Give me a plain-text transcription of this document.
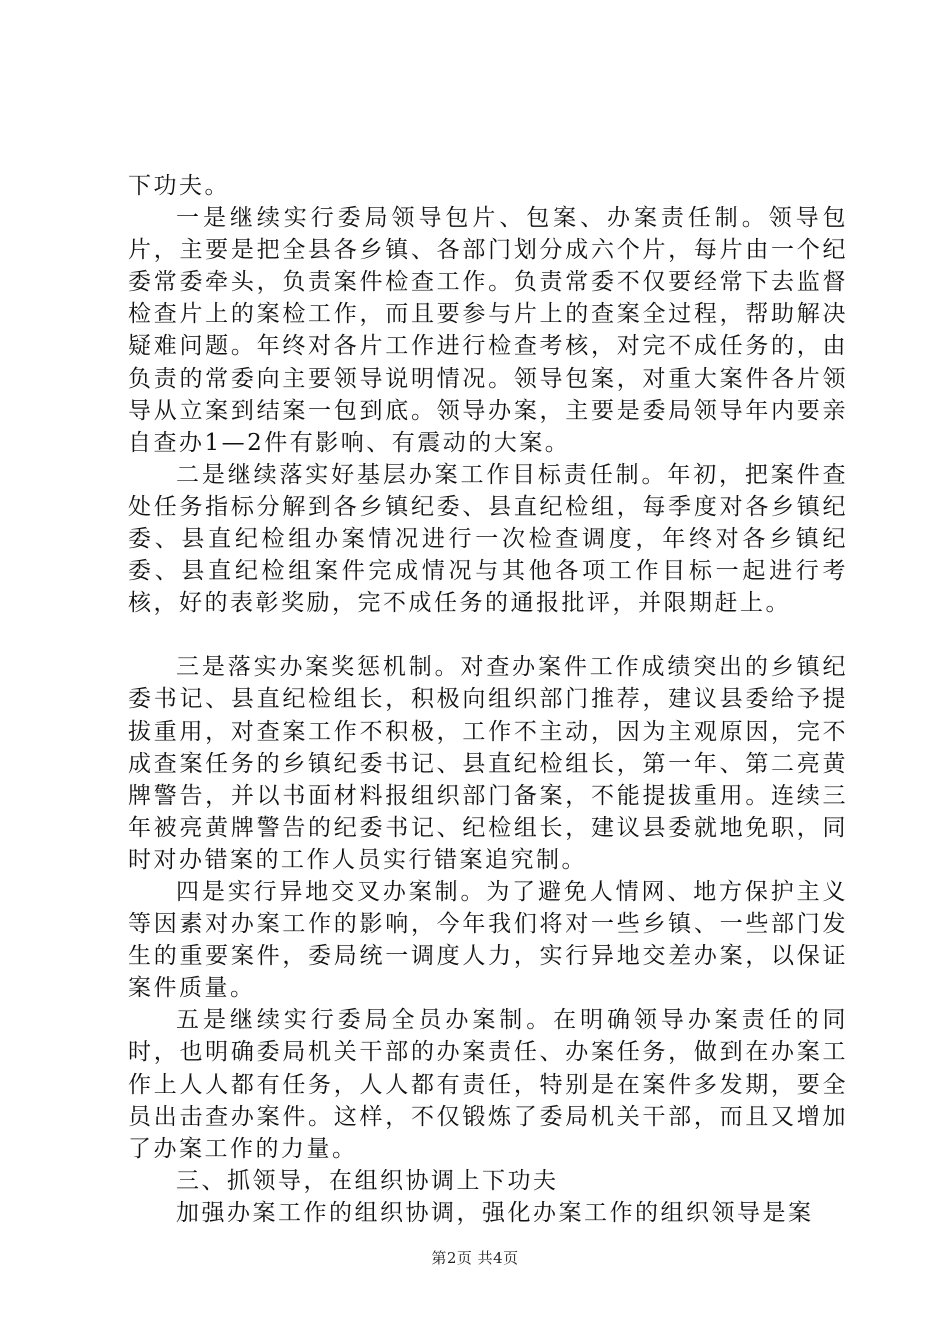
下功夫。

一是继续实行委局领导包片、包案、办案责任制。领导包片，主要是把全县各乡镇、各部门划分成六个片，每片由一个纪委常委牵头，负责案件检查工作。负责常委不仅要经常下去监督检查片上的案检工作，而且要参与片上的查案全过程，帮助解决疑难问题。年终对各片工作进行检查考核，对完不成任务的，由负责的常委向主要领导说明情况。领导包案，对重大案件各片领导从立案到结案一包到底。领导办案，主要是委局领导年内要亲自查办1—2件有影响、有震动的大案。

二是继续落实好基层办案工作目标责任制。年初，把案件查处任务指标分解到各乡镇纪委、县直纪检组，每季度对各乡镇纪委、县直纪检组办案情况进行一次检查调度，年终对各乡镇纪委、县直纪检组案件完成情况与其他各项工作目标一起进行考核，好的表彰奖励，完不成任务的通报批评，并限期赶上。

三是落实办案奖惩机制。对查办案件工作成绩突出的乡镇纪委书记、县直纪检组长，积极向组织部门推荐，建议县委给予提拔重用，对查案工作不积极，工作不主动，因为主观原因，完不成查案任务的乡镇纪委书记、县直纪检组长，第一年、第二亮黄牌警告，并以书面材料报组织部门备案，不能提拔重用。连续三年被亮黄牌警告的纪委书记、纪检组长，建议县委就地免职，同时对办错案的工作人员实行错案追究制。

四是实行异地交叉办案制。为了避免人情网、地方保护主义等因素对办案工作的影响，今年我们将对一些乡镇、一些部门发生的重要案件，委局统一调度人力，实行异地交差办案，以保证案件质量。

五是继续实行委局全员办案制。在明确领导办案责任的同时，也明确委局机关干部的办案责任、办案任务，做到在办案工作上人人都有任务，人人都有责任，特别是在案件多发期，要全员出击查办案件。这样，不仅锻炼了委局机关干部，而且又增加了办案工作的力量。

三、抓领导，在组织协调上下功夫

加强办案工作的组织协调，强化办案工作的组织领导是案

第2页 共4页
